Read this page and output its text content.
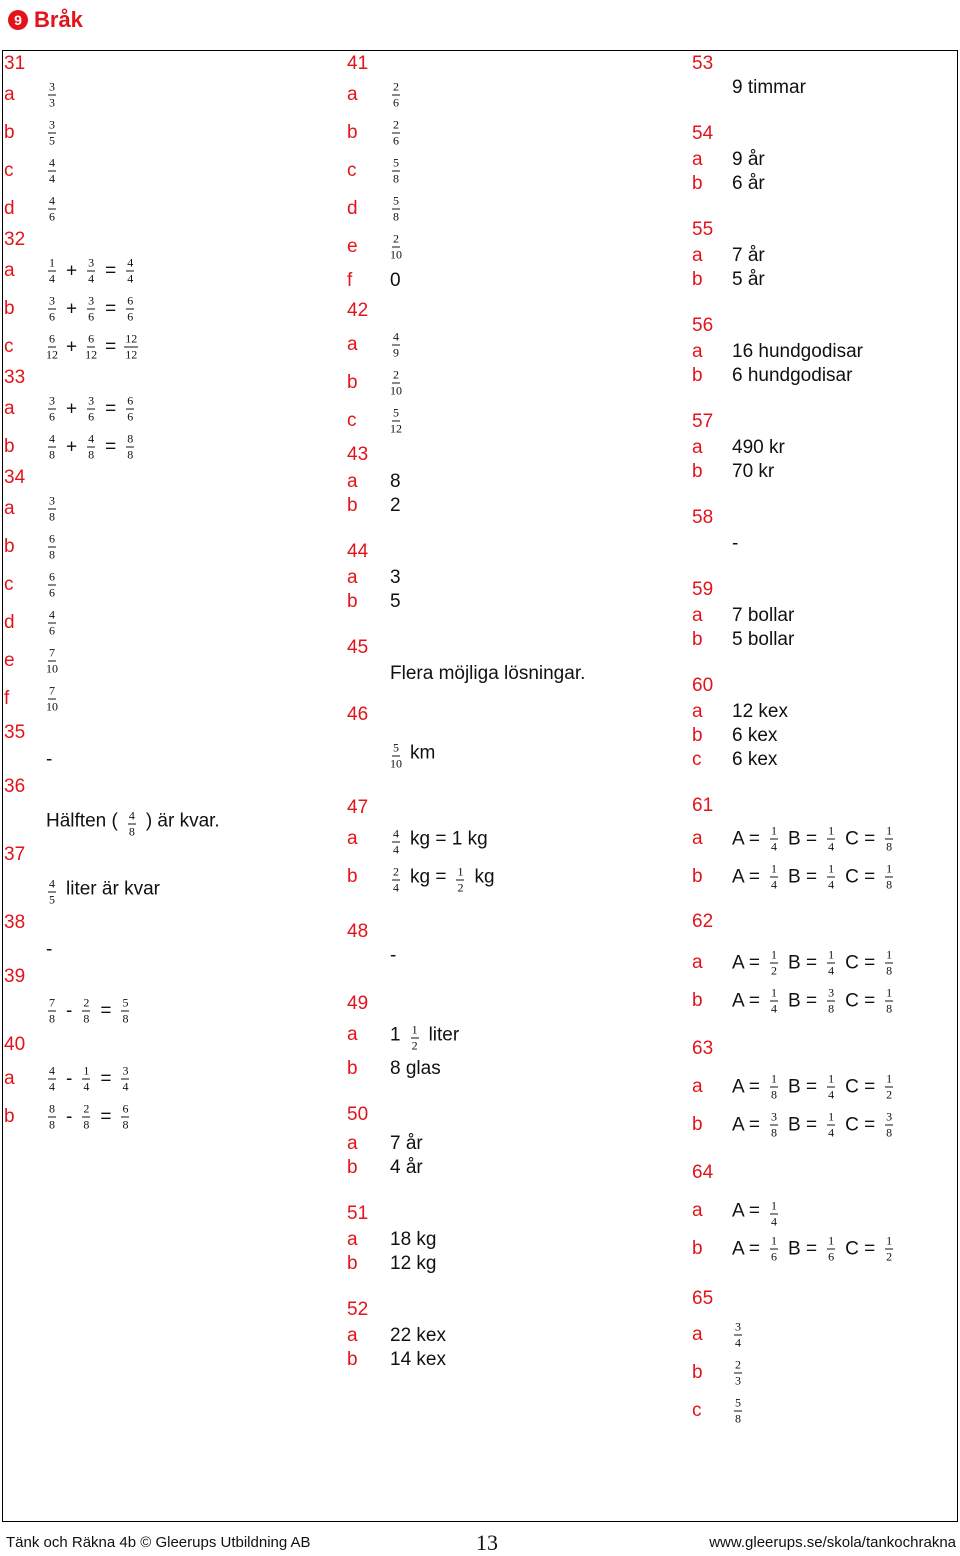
9 Bråk
31
a	$\frac{3}{3}$
b	$\frac{3}{5}$
c	$\frac{4}{4}$
d	$\frac{4}{6}$
32
a	$\frac{1}{4} + \frac{3}{4} = \frac{4}{4}$
b	$\frac{3}{6} + \frac{3}{6} = \frac{6}{6}$
c	$\frac{6}{12} + \frac{6}{12} = \frac{12}{12}$
33
a	$\frac{3}{6} + \frac{3}{6} = \frac{6}{6}$
b	$\frac{4}{8} + \frac{4}{8} = \frac{8}{8}$
34
a	$\frac{3}{8}$
b	$\frac{6}{8}$
c	$\frac{6}{6}$
d	$\frac{4}{6}$
e	$\frac{7}{10}$
f	$\frac{7}{10}$
35
-
36
Hälften ( $\frac{4}{8}$ ) är kvar.
37
$\frac{4}{5}$ liter är kvar
38
-
39
$\frac{7}{8} - \frac{2}{8} = \frac{5}{8}$
40
a	$\frac{4}{4} - \frac{1}{4} = \frac{3}{4}$
b	$\frac{8}{8} - \frac{2}{8} = \frac{6}{8}$
41
a	$\frac{2}{6}$
b	$\frac{2}{6}$
c	$\frac{5}{8}$
d	$\frac{5}{8}$
e	$\frac{2}{10}$
f 0
42
a	$\frac{4}{9}$
b	$\frac{2}{10}$
c	$\frac{5}{12}$
43
a 8
b 2
44
a 3
b 5
45
Flera möjliga lösningar.
46
$\frac{5}{10}$ km
47
a	$\frac{4}{4}$ kg = 1 kg
b	$\frac{2}{4}$ kg = $\frac{1}{2}$ kg
48
-
49
a $1 \frac{1}{2}$ liter
b 8 glas
50
a 7 år
b 4 år
51
a 18 kg
b 12 kg
52
a 22 kex
b 14 kex
53
9 timmar
54
a 9 år
b 6 år
55
a 7 år
b 5 år
56
a 16 hundgodisar
b 6 hundgodisar
57
a 490 kr
b 70 kr
58
-
59
a 7 bollar
b 5 bollar
60
a 12 kex
b 6 kex
c 6 kex
61
a $A = \frac{1}{4}$ $B = \frac{1}{4}$ $C = \frac{1}{8}$
b $A = \frac{1}{4}$ $B = \frac{1}{4}$ $C = \frac{1}{8}$
62
a $A = \frac{1}{2}$ $B = \frac{1}{4}$ $C = \frac{1}{8}$
b $A = \frac{1}{4}$ $B = \frac{3}{8}$ $C = \frac{1}{8}$
63
a $A = \frac{1}{8}$ $B = \frac{1}{4}$ $C = \frac{1}{2}$
b $A = \frac{3}{8}$ $B = \frac{1}{4}$ $C = \frac{3}{8}$
64
a $A = \frac{1}{4}$
b $A = \frac{1}{6}$ $B = \frac{1}{6}$ $C = \frac{1}{2}$
65
a $\frac{3}{4}$
b $\frac{2}{3}$
c	$\frac{5}{8}$
Tänk och Räkna 4b © Gleerups Utbildning AB	13	www.gleerups.se/skola/tankochrakna
